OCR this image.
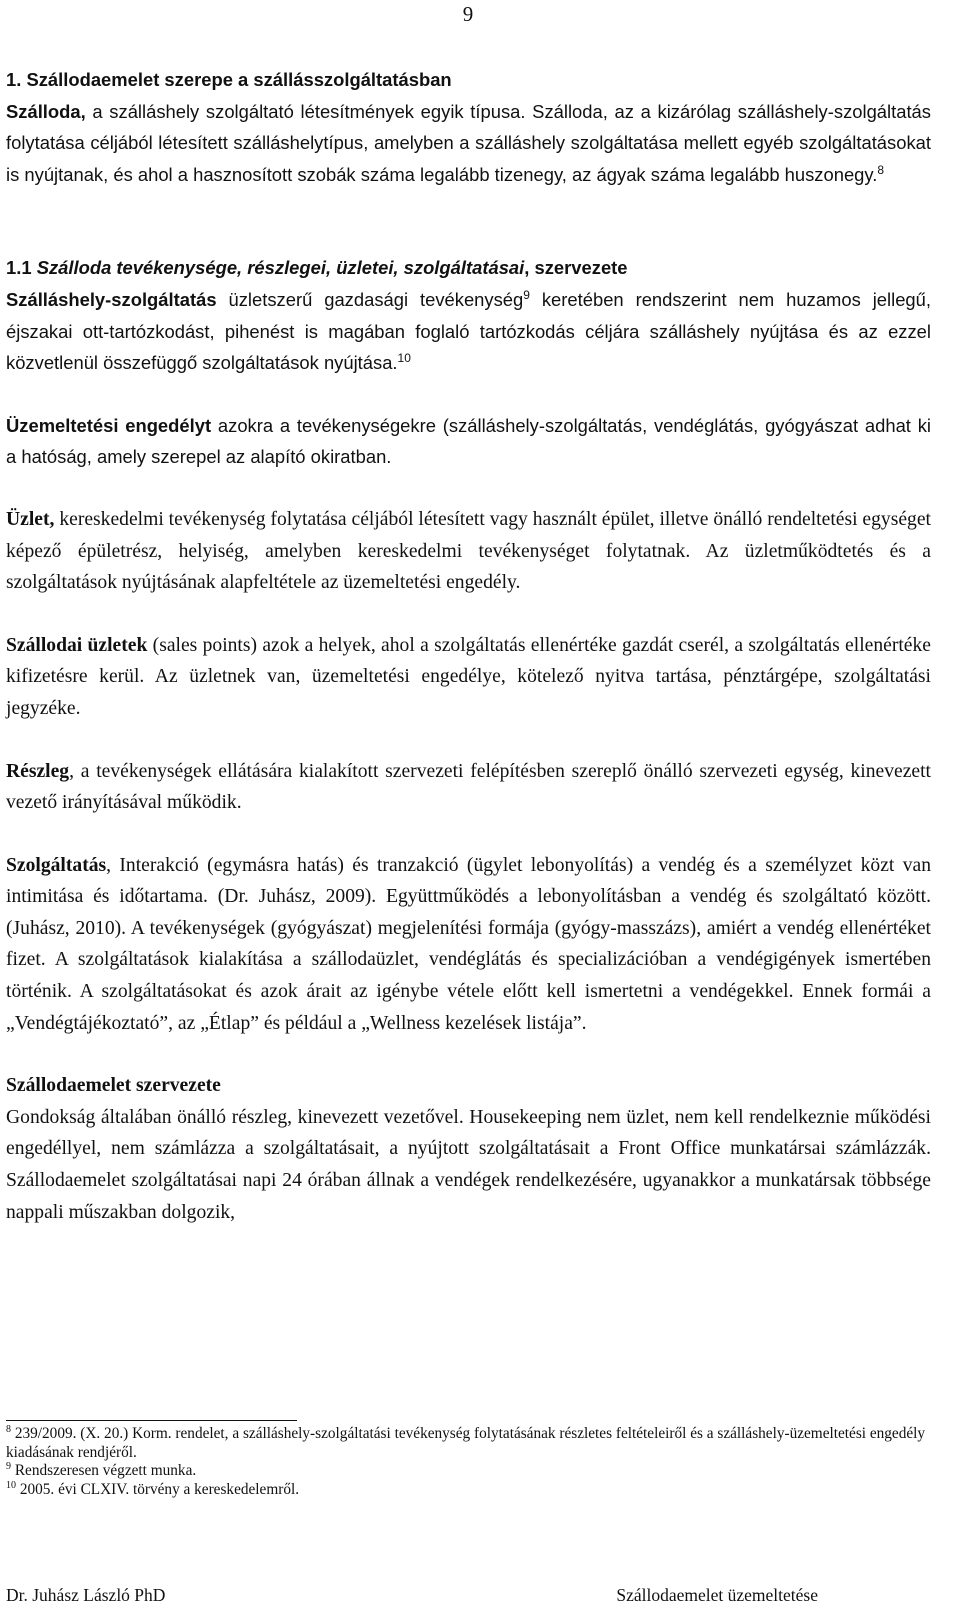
9

1. Szállodaemelet szerepe a szállásszolgáltatásban

Szálloda, a szálláshely szolgáltató létesítmények egyik típusa. Szálloda, az a kizárólag szálláshely-szolgáltatás folytatása céljából létesített szálláshelytípus, amelyben a szálláshely szolgáltatása mellett egyéb szolgáltatásokat is nyújtanak, és ahol a hasznosított szobák száma legalább tizenegy, az ágyak száma legalább huszonegy.$^8$

1.1 Szálloda tevékenysége, részlegei, üzletei, szolgáltatásai, szervezete

Szálláshely-szolgáltatás üzletszerű gazdasági tevékenység$^9$ keretében rendszerint nem huzamos jellegű, éjszakai ott-tartózkodást, pihenést is magában foglaló tartózkodás céljára szálláshely nyújtása és az ezzel közvetlenül összefüggő szolgáltatások nyújtása.$^{10}$

Üzemeltetési engedélyt azokra a tevékenységekre (szálláshely-szolgáltatás, vendéglátás, gyógyászat adhat ki a hatóság, amely szerepel az alapító okiratban.

Üzlet, kereskedelmi tevékenység folytatása céljából létesített vagy használt épület, illetve önálló rendeltetési egységet képező épületrész, helyiség, amelyben kereskedelmi tevékenységet folytatnak. Az üzletműködtetés és a szolgáltatások nyújtásának alapfeltétele az üzemeltetési engedély.

Szállodai üzletek (sales points) azok a helyek, ahol a szolgáltatás ellenértéke gazdát cserél, a szolgáltatás ellenértéke kifizetésre kerül. Az üzletnek van, üzemeltetési engedélye, kötelező nyitva tartása, pénztárgépe, szolgáltatási jegyzéke.

Részleg, a tevékenységek ellátására kialakított szervezeti felépítésben szereplő önálló szervezeti egység, kinevezett vezető irányításával működik.

Szolgáltatás, Interakció (egymásra hatás) és tranzakció (ügylet lebonyolítás) a vendég és a személyzet közt van intimitása és időtartama. (Dr. Juhász, 2009). Együttműködés a lebonyolításban a vendég és szolgáltató között. (Juhász, 2010). A tevékenységek (gyógyászat) megjelenítési formája (gyógy-masszázs), amiért a vendég ellenértéket fizet. A szolgáltatások kialakítása a szállodaüzlet, vendéglátás és specializációban a vendégigények ismertében történik. A szolgáltatásokat és azok árait az igénybe vétele előtt kell ismertetni a vendégekkel. Ennek formái a „Vendégtájékoztató”, az „Étlap” és például a „Wellness kezelések listája”.

Szállodaemelet szervezete

Gondokság általában önálló részleg, kinevezett vezetővel. Housekeeping nem üzlet, nem kell rendelkeznie működési engedéllyel, nem számlázza a szolgáltatásait, a nyújtott szolgáltatásait a Front Office munkatársai számlázzák. Szállodaemelet szolgáltatásai napi 24 órában állnak a vendégek rendelkezésére, ugyanakkor a munkatársak többsége nappali műszakban dolgozik,

$^8$ 239/2009. (X. 20.) Korm. rendelet, a szálláshely-szolgáltatási tevékenység folytatásának részletes feltételeiről és a szálláshely-üzemeltetési engedély kiadásának rendjéről.

$^9$ Rendszeresen végzett munka.

$^{10}$ 2005. évi CLXIV. törvény a kereskedelemről.

Dr. Juhász László PhD	Szállodaemelet üzemeltetése
